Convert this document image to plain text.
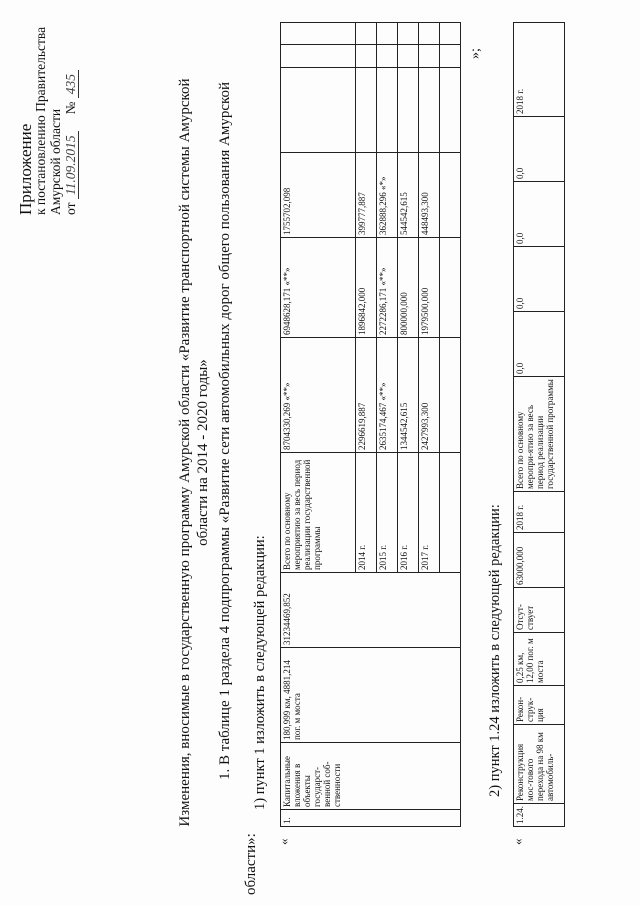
Приложение
к постановлению Правительства Амурской области от 11.09.2015     № 435	Изменения, вносимые в государственную программу Амурской области «Развитие транспортной системы Амурской области на 2014 - 2020 годы» 1. В таблице 1 раздела 4 подпрограммы «Развитие сети автомобильных дорог общего пользования Амурской
области»:
1) пункт 1 изложить в следующей редакции:
«
1.	Капитальные вложения в объекты государст-венной соб-ственности	180,999 км, 4881,214 пог. м моста	31234469,852	Всего по основному мероприятию за весь период реализации государственной программы	8704330,269 «**»	6948628,171 «**»	1755702,098			
				2014 г.	2296619,887	1896842,000	399777,887			
				2015 г.	2635174,467 «**»	2272286,171 «**»	362888,296 «*»			
				2016 г.	1344542,615	800000,000	544542,615			
				2017 г.	2427993,300	1979500,000	448493,300			

»;
2) пункт 1.24 изложить в следующей редакции:
«
1.24.	Реконструкция мос-тового перехода на 98 км автомобиль-	Рекон-струк-ция	0,25 км, 12,00 пог. м моста	Отсут-ствует	63000,000	2018 г.	Всего по основному меропри-ятию за весь период реализации государственной программы	0,0	0,0	0,0	0,0	2018 г.
